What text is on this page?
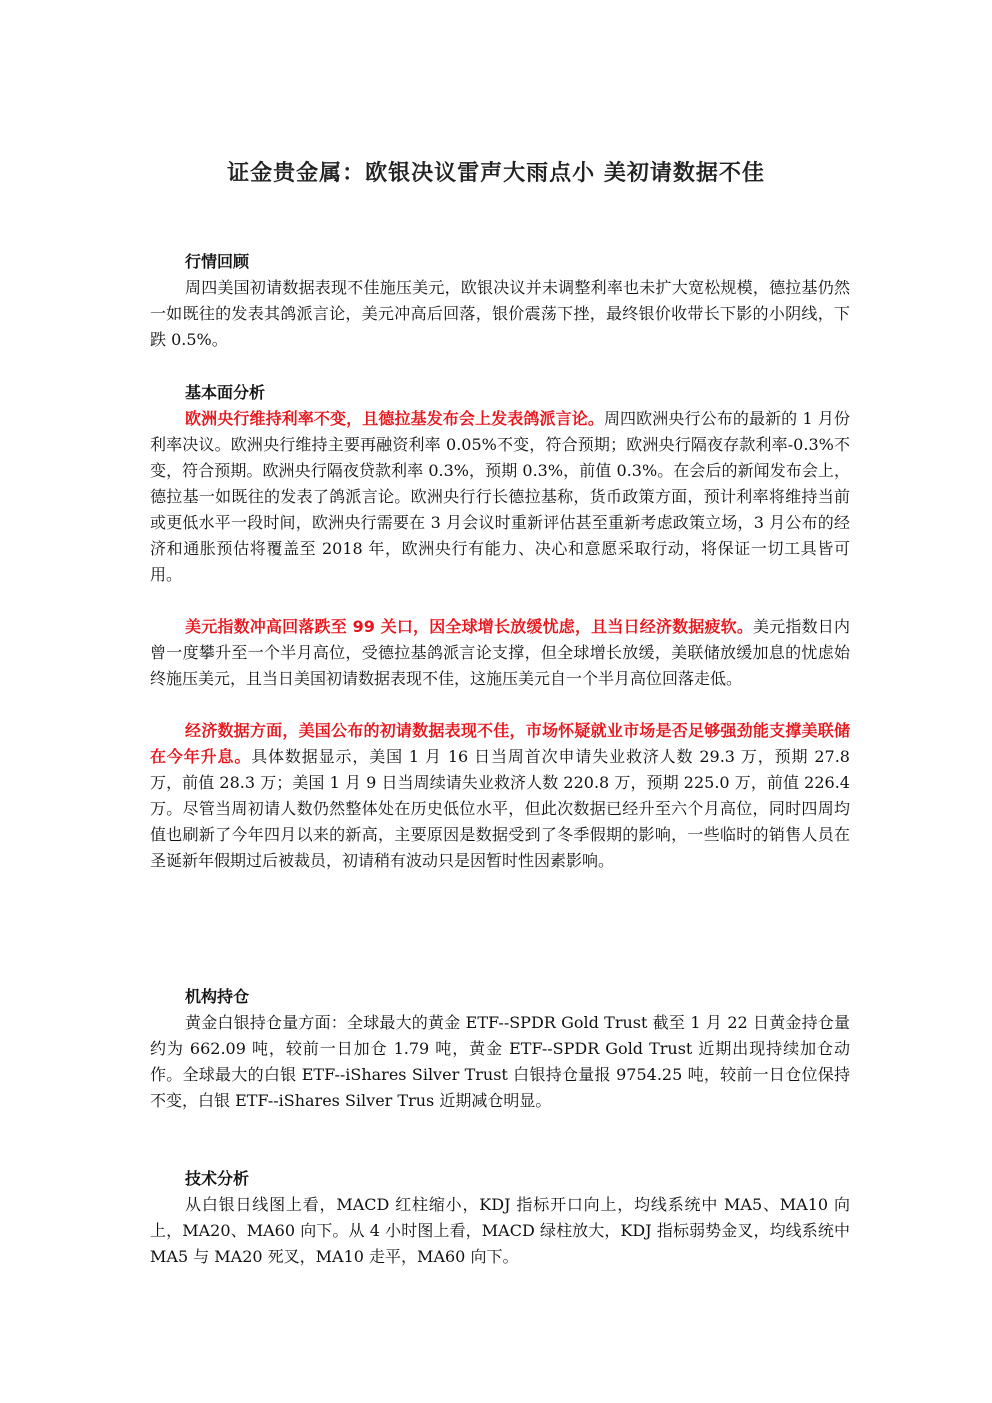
证金贵金属：欧银决议雷声大雨点小 美初请数据不佳
行情回顾

周四美国初请数据表现不佳施压美元，欧银决议并未调整利率也未扩大宽松规模，德拉基仍然一如既往的发表其鸽派言论，美元冲高后回落，银价震荡下挫，最终银价收带长下影的小阴线，下跌 0.5%。

基本面分析

欧洲央行维持利率不变，且德拉基发布会上发表鸽派言论。周四欧洲央行公布的最新的 1 月份利率决议。欧洲央行维持主要再融资利率 0.05%不变，符合预期；欧洲央行隔夜存款利率-0.3%不变，符合预期。欧洲央行隔夜贷款利率 0.3%，预期 0.3%，前值 0.3%。在会后的新闻发布会上，德拉基一如既往的发表了鸽派言论。欧洲央行行长德拉基称，货币政策方面，预计利率将维持当前或更低水平一段时间，欧洲央行需要在 3 月会议时重新评估甚至重新考虑政策立场，3 月公布的经济和通胀预估将覆盖至 2018 年，欧洲央行有能力、决心和意愿采取行动，将保证一切工具皆可用。

美元指数冲高回落跌至 99 关口，因全球增长放缓忧虑，且当日经济数据疲软。美元指数日内曾一度攀升至一个半月高位，受德拉基鸽派言论支撑，但全球增长放缓，美联储放缓加息的忧虑始终施压美元，且当日美国初请数据表现不佳，这施压美元自一个半月高位回落走低。

经济数据方面，美国公布的初请数据表现不佳，市场怀疑就业市场是否足够强劲能支撑美联储在今年升息。具体数据显示，美国 1 月 16 日当周首次申请失业救济人数 29.3 万，预期 27.8 万，前值 28.3 万；美国 1 月 9 日当周续请失业救济人数 220.8 万，预期 225.0 万，前值 226.4 万。尽管当周初请人数仍然整体处在历史低位水平，但此次数据已经升至六个月高位，同时四周均值也刷新了今年四月以来的新高，主要原因是数据受到了冬季假期的影响，一些临时的销售人员在圣诞新年假期过后被裁员，初请稍有波动只是因暂时性因素影响。

机构持仓

黄金白银持仓量方面：全球最大的黄金 ETF--SPDR Gold Trust 截至 1 月 22 日黄金持仓量约为 662.09 吨，较前一日加仓 1.79 吨，黄金 ETF--SPDR Gold Trust 近期出现持续加仓动作。全球最大的白银 ETF--iShares Silver Trust 白银持仓量报 9754.25 吨，较前一日仓位保持不变，白银 ETF--iShares Silver Trus 近期减仓明显。

技术分析

从白银日线图上看，MACD 红柱缩小，KDJ 指标开口向上，均线系统中 MA5、MA10 向上，MA20、MA60 向下。从 4 小时图上看，MACD 绿柱放大，KDJ 指标弱势金叉，均线系统中 MA5 与 MA20 死叉，MA10 走平，MA60 向下。
